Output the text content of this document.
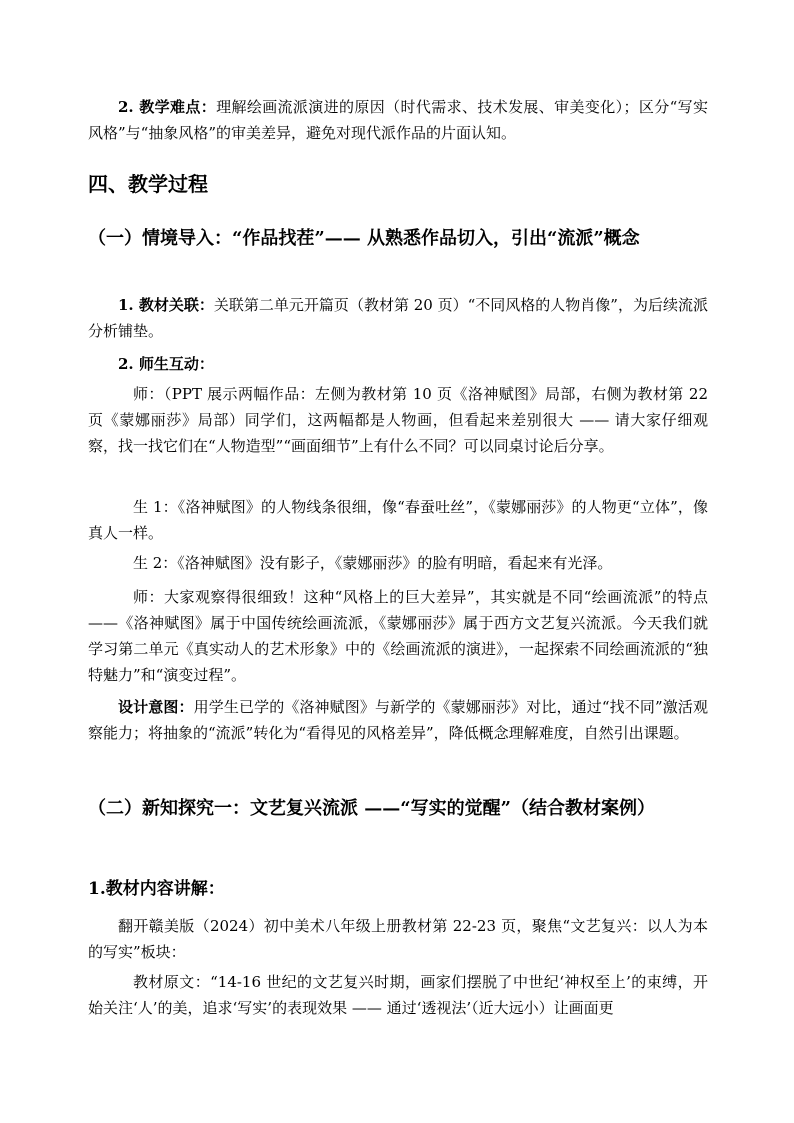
2. 教学难点：理解绘画流派演进的原因（时代需求、技术发展、审美变化）；区分“写实风格”与“抽象风格”的审美差异，避免对现代派作品的片面认知。
四、教学过程
（一）情境导入：“作品找茬”—— 从熟悉作品切入，引出“流派”概念
1. 教材关联：关联第二单元开篇页（教材第 20 页）“不同风格的人物肖像”，为后续流派分析铺垫。
2. 师生互动：
师：（PPT 展示两幅作品：左侧为教材第 10 页《洛神赋图》局部，右侧为教材第 22 页《蒙娜丽莎》局部）同学们，这两幅都是人物画，但看起来差别很大 —— 请大家仔细观察，找一找它们在“人物造型”“画面细节”上有什么不同？可以同桌讨论后分享。
生 1：《洛神赋图》的人物线条很细，像“春蚕吐丝”，《蒙娜丽莎》的人物更“立体”，像真人一样。
生 2：《洛神赋图》没有影子，《蒙娜丽莎》的脸有明暗，看起来有光泽。
师：大家观察得很细致！这种“风格上的巨大差异”，其实就是不同“绘画流派”的特点 ——《洛神赋图》属于中国传统绘画流派，《蒙娜丽莎》属于西方文艺复兴流派。今天我们就学习第二单元《真实动人的艺术形象》中的《绘画流派的演进》，一起探索不同绘画流派的“独特魅力”和“演变过程”。
设计意图：用学生已学的《洛神赋图》与新学的《蒙娜丽莎》对比，通过“找不同”激活观察能力；将抽象的“流派”转化为“看得见的风格差异”，降低概念理解难度，自然引出课题。
（二）新知探究一：文艺复兴流派 ——“写实的觉醒”（结合教材案例）
1.教材内容讲解：
翻开赣美版（2024）初中美术八年级上册教材第 22-23 页，聚焦“文艺复兴：以人为本的写实”板块：
教材原文：“14-16 世纪的文艺复兴时期，画家们摆脱了中世纪‘神权至上’的束缚，开始关注‘人’的美，追求‘写实’的表现效果 —— 通过‘透视法’（近大远小）让画面更
